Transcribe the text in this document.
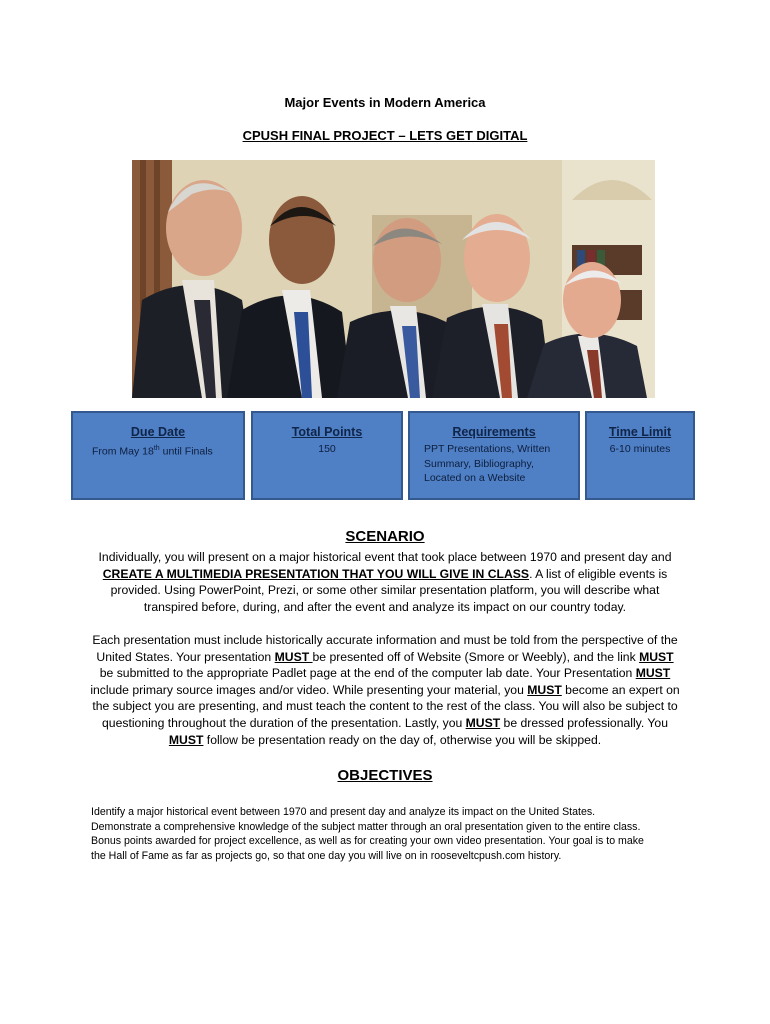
Major Events in Modern America
CPUSH FINAL PROJECT – LETS GET DIGITAL
Due Date
From May 18th until Finals
Total Points
150
Requirements
PPT Presentations, Written
Summary, Bibliography,
Located on a Website
Time Limit
6-10 minutes
SCENARIO
Individually, you will present on a major historical event that took place between 1970 and present day and CREATE A MULTIMEDIA PRESENTATION THAT YOU WILL GIVE IN CLASS. A list of eligible events is provided. Using PowerPoint, Prezi, or some other similar presentation platform, you will describe what transpired before, during, and after the event and analyze its impact on our country today.
Each presentation must include historically accurate information and must be told from the perspective of the United States. Your presentation MUST be presented off of Website (Smore or Weebly), and the link MUST be submitted to the appropriate Padlet page at the end of the computer lab date. Your Presentation MUST include primary source images and/or video. While presenting your material, you MUST become an expert on the subject you are presenting, and must teach the content to the rest of the class. You will also be subject to questioning throughout the duration of the presentation. Lastly, you MUST be dressed professionally. You MUST follow be presentation ready on the day of, otherwise you will be skipped.
OBJECTIVES
Identify a major historical event between 1970 and present day and analyze its impact on the United States.
Demonstrate a comprehensive knowledge of the subject matter through an oral presentation given to the entire class.
Bonus points awarded for project excellence, as well as for creating your own video presentation. Your goal is to make
the Hall of Fame as far as projects go, so that one day you will live on in rooseveltcpush.com history.
